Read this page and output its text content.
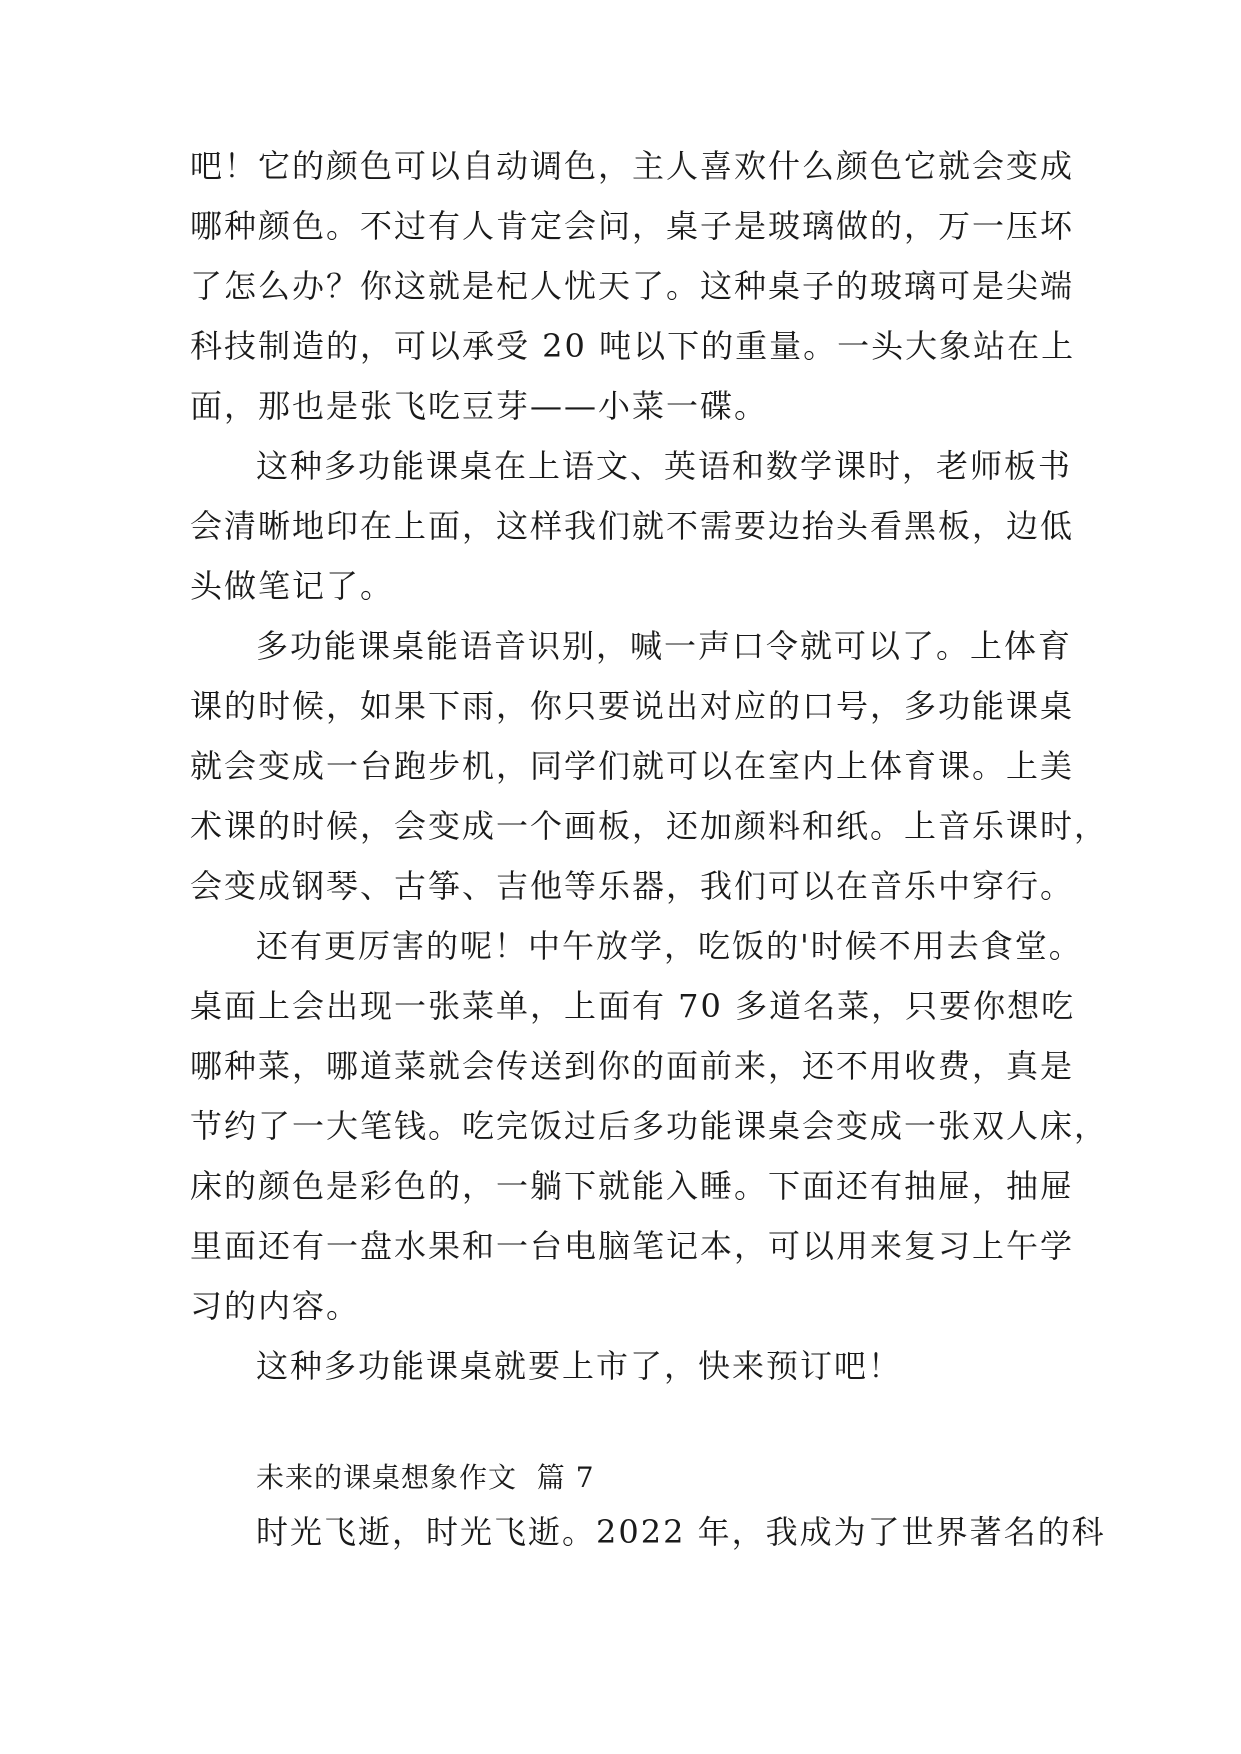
吧！它的颜色可以自动调色，主人喜欢什么颜色它就会变成
哪种颜色。不过有人肯定会问，桌子是玻璃做的，万一压坏
了怎么办？你这就是杞人忧天了。这种桌子的玻璃可是尖端
科技制造的，可以承受 20 吨以下的重量。一头大象站在上
面，那也是张飞吃豆芽——小菜一碟。
这种多功能课桌在上语文、英语和数学课时，老师板书
会清晰地印在上面，这样我们就不需要边抬头看黑板，边低
头做笔记了。
多功能课桌能语音识别，喊一声口令就可以了。上体育
课的时候，如果下雨，你只要说出对应的口号，多功能课桌
就会变成一台跑步机，同学们就可以在室内上体育课。上美
术课的时候，会变成一个画板，还加颜料和纸。上音乐课时，
会变成钢琴、古筝、吉他等乐器，我们可以在音乐中穿行。
还有更厉害的呢！中午放学，吃饭的'时候不用去食堂。
桌面上会出现一张菜单，上面有 70 多道名菜，只要你想吃
哪种菜，哪道菜就会传送到你的面前来，还不用收费，真是
节约了一大笔钱。吃完饭过后多功能课桌会变成一张双人床，
床的颜色是彩色的，一躺下就能入睡。下面还有抽屉，抽屉
里面还有一盘水果和一台电脑笔记本，可以用来复习上午学
习的内容。
这种多功能课桌就要上市了，快来预订吧！
未来的课桌想象作文  篇 7
时光飞逝，时光飞逝。2022 年，我成为了世界著名的科
